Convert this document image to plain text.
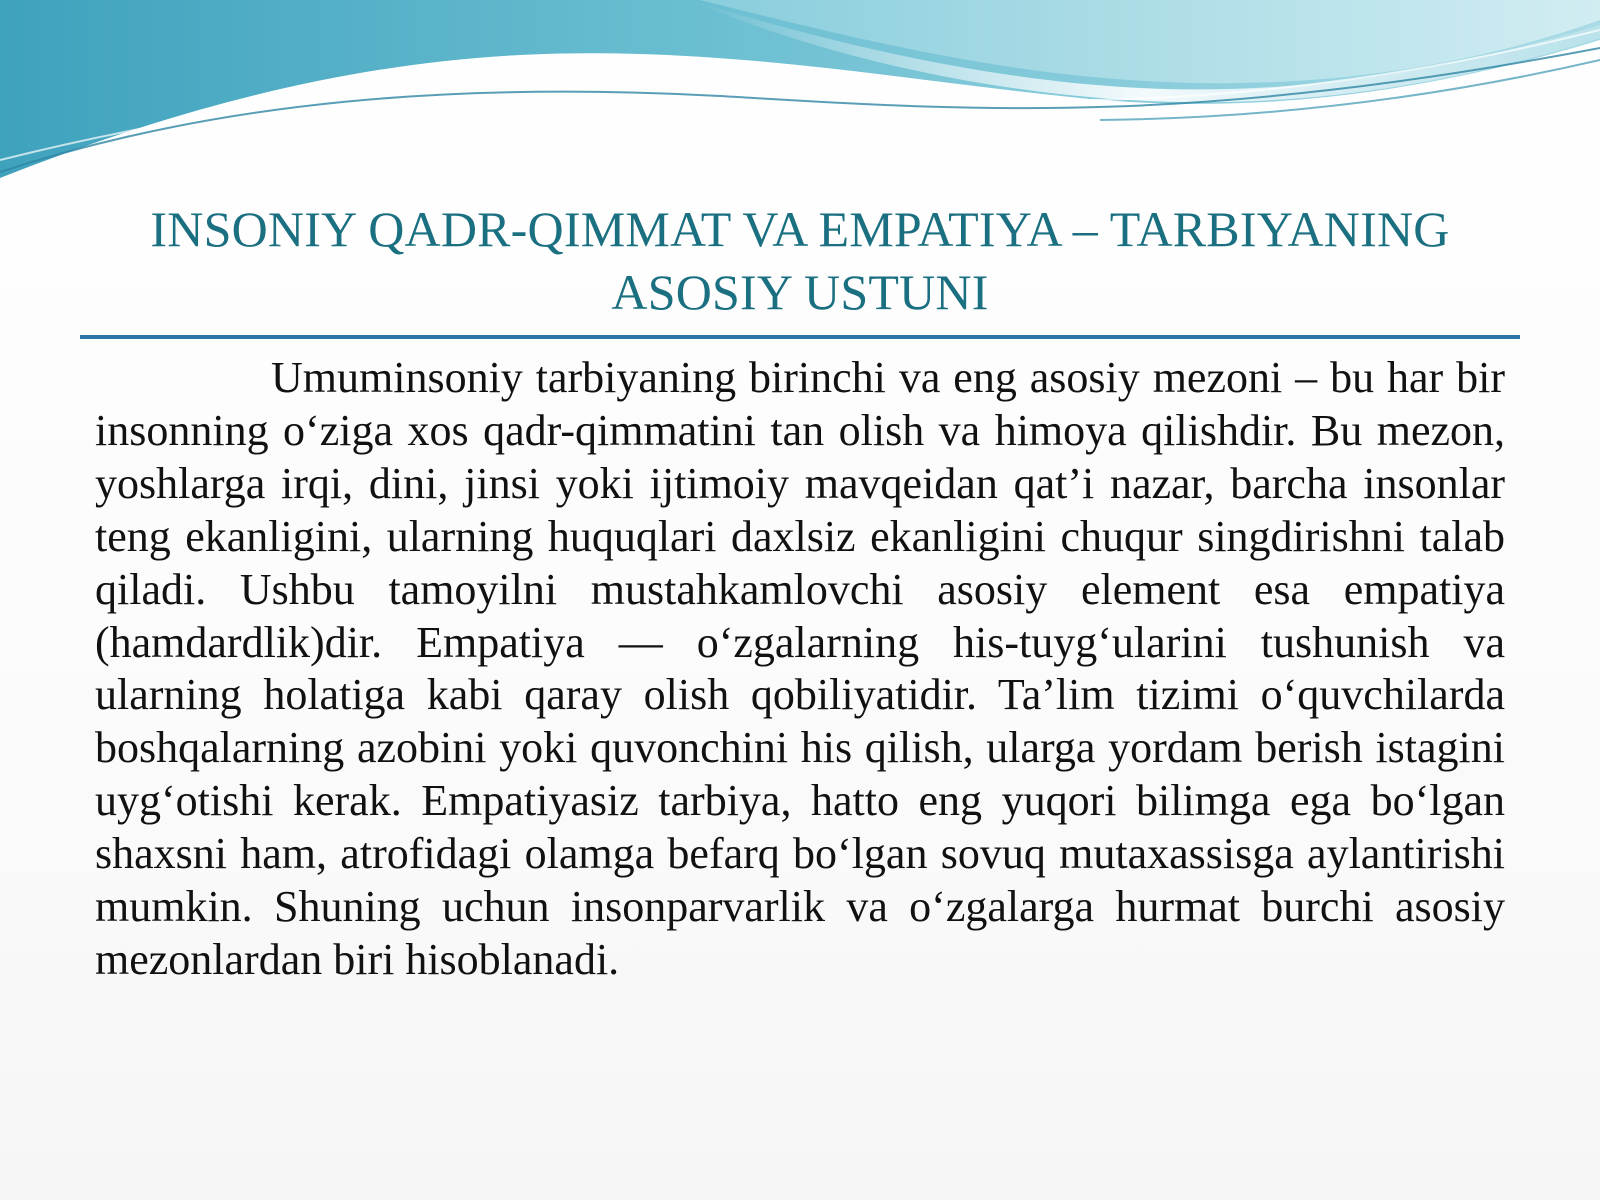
INSONIY QADR-QIMMAT VA EMPATIYA – TARBIYANING
ASOSIY USTUNI
Umuminsoniy tarbiyaning birinchi va eng asosiy mezoni – bu har bir insonning o‘ziga xos qadr-qimmatini tan olish va himoya qilishdir. Bu mezon, yoshlarga irqi, dini, jinsi yoki ijtimoiy mavqeidan qat’i nazar, barcha insonlar teng ekanligini, ularning huquqlari daxlsiz ekanligini chuqur singdirishni talab qiladi. Ushbu tamoyilni mustahkamlovchi asosiy element esa empatiya (hamdardlik)dir. Empatiya — o‘zgalarning his-tuyg‘ularini tushunish va ularning holatiga kabi qaray olish qobiliyatidir. Ta’lim tizimi o‘quvchilarda boshqalarning azobini yoki quvonchini his qilish, ularga yordam berish istagini uyg‘otishi kerak. Empatiyasiz tarbiya, hatto eng yuqori bilimga ega bo‘lgan shaxsni ham, atrofidagi olamga befarq bo‘lgan sovuq mutaxassisga aylantirishi mumkin. Shuning uchun insonparvarlik va o‘zgalarga hurmat burchi asosiy mezonlardan biri hisoblanadi.
